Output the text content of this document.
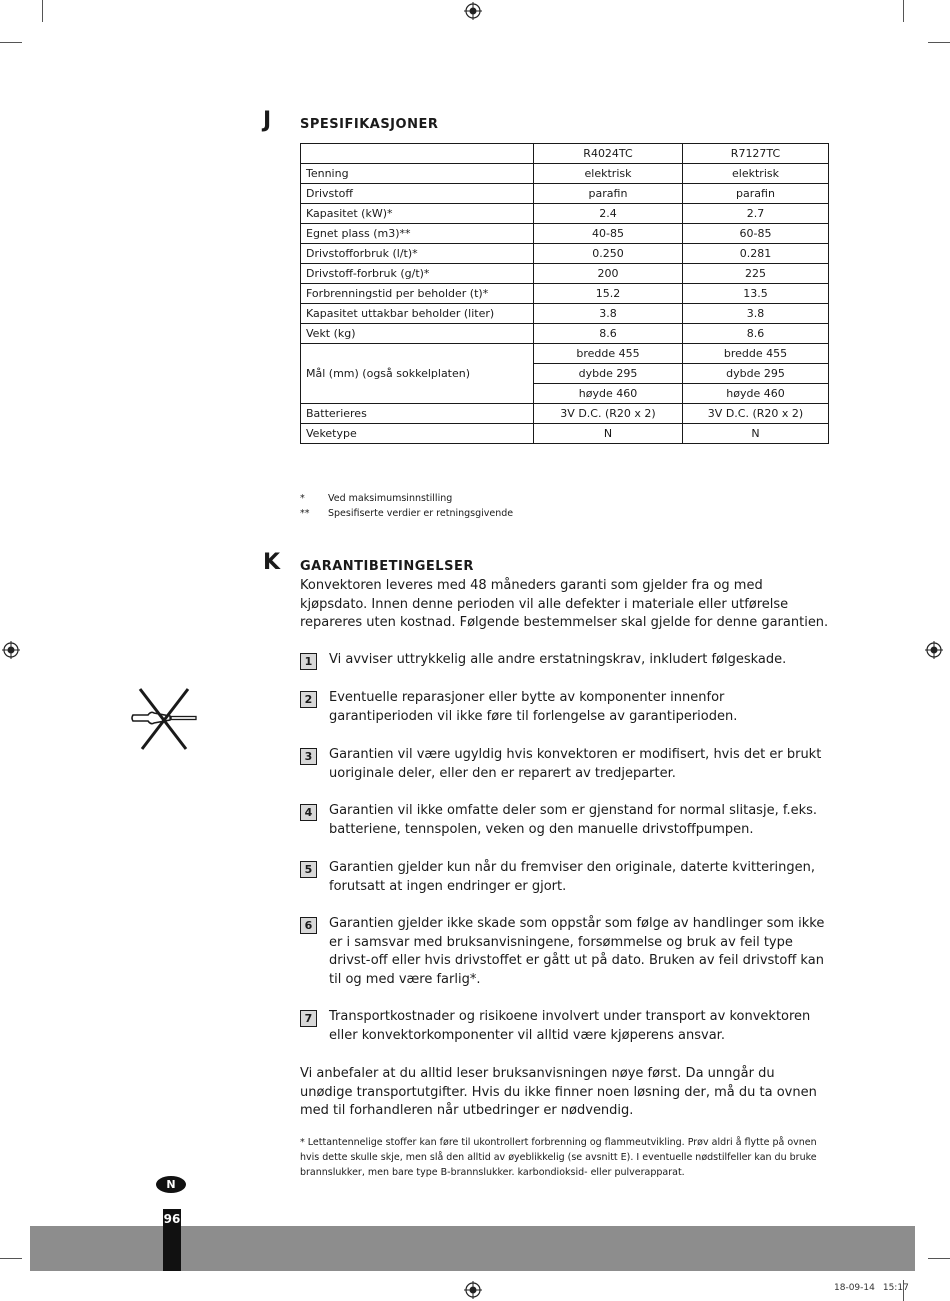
J SPESIFIKASJONER
	R4024TC	R7127TC
Tenning	elektrisk	elektrisk
Drivstoff	parafin	parafin
Kapasitet (kW)*	2.4	2.7
Egnet plass (m3)**	40-85	60-85
Drivstofforbruk (l/t)*	0.250	0.281
Drivstoff-forbruk (g/t)*	200	225
Forbrenningstid per beholder (t)*	15.2	13.5
Kapasitet uttakbar beholder (liter)	3.8	3.8
Vekt (kg)	8.6	8.6
Mål (mm) (også sokkelplaten)	bredde 455	bredde 455
	dybde 295	dybde 295
	høyde 460	høyde 460
Batterieres	3V D.C. (R20 x 2)	3V D.C. (R20 x 2)
Veketype	N	N
* Ved maksimumsinnstilling
** Spesifiserte verdier er retningsgivende
K GARANTIBETINGELSER
Konvektoren leveres med 48 måneders garanti som gjelder fra og med kjøpsdato. Innen denne perioden vil alle defekter i materiale eller utførelse repareres uten kostnad. Følgende bestemmelser skal gjelde for denne garantien.
1	Vi avviser uttrykkelig alle andre erstatningskrav, inkludert følgeskade.
2	Eventuelle reparasjoner eller bytte av komponenter innenfor garantiperioden vil ikke føre til forlengelse av garantiperioden.
3	Garantien vil være ugyldig hvis konvektoren er modifisert, hvis det er brukt uoriginale deler, eller den er reparert av tredjeparter.
4	Garantien vil ikke omfatte deler som er gjenstand for normal slitasje, f.eks. batteriene, tennspolen, veken og den manuelle drivstoffpumpen.
5	Garantien gjelder kun når du fremviser den originale, daterte kvitteringen, forutsatt at ingen endringer er gjort.
6	Garantien gjelder ikke skade som oppstår som følge av handlinger som ikke er i samsvar med bruksanvisningene, forsømmelse og bruk av feil type drivst-off eller hvis drivstoffet er gått ut på dato. Bruken av feil drivstoff kan til og med være farlig*.
7	Transportkostnader og risikoene involvert under transport av konvektoren eller konvektorkomponenter vil alltid være kjøperens ansvar.
Vi anbefaler at du alltid leser bruksanvisningen nøye først. Da unngår du unødige transportutgifter. Hvis du ikke finner noen løsning der, må du ta ovnen med til forhandleren når utbedringer er nødvendig.
* Lettantennelige stoffer kan føre til ukontrollert forbrenning og flammeutvikling. Prøv aldri å flytte på ovnen hvis dette skulle skje, men slå den alltid av øyeblikkelig (se avsnitt E). I eventuelle nødstilfeller kan du bruke brannslukker, men bare type B-brannslukker. karbondioksid- eller pulverapparat.
N
96
18-09-14 15:17
